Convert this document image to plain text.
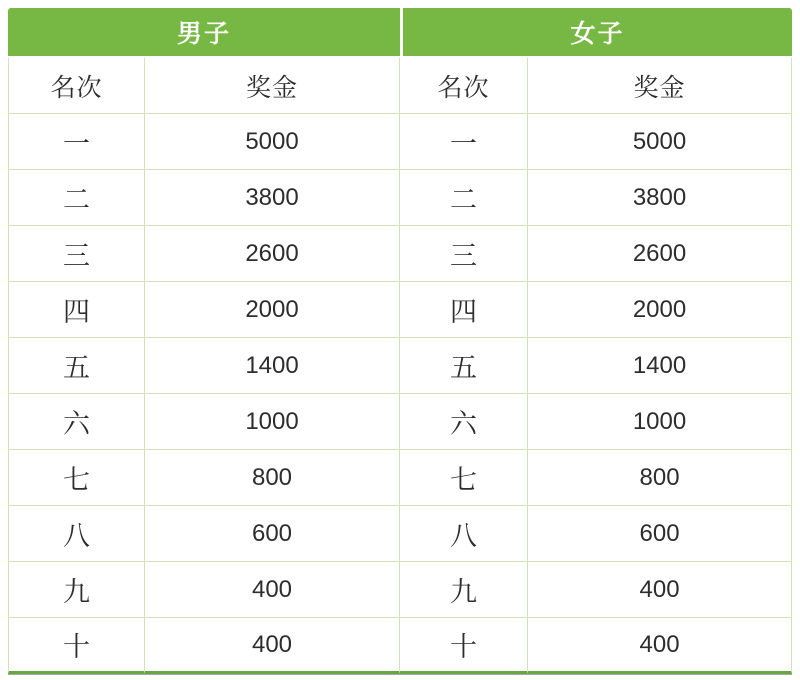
男子		女子	
名次	奖金	名次	奖金
一	5000	一	5000
二	3800	二	3800
三	2600	三	2600
四	2000	四	2000
五	1400	五	1400
六	1000	六	1000
七	800	七	800
八	600	八	600
九	400	九	400
十	400	十	400
